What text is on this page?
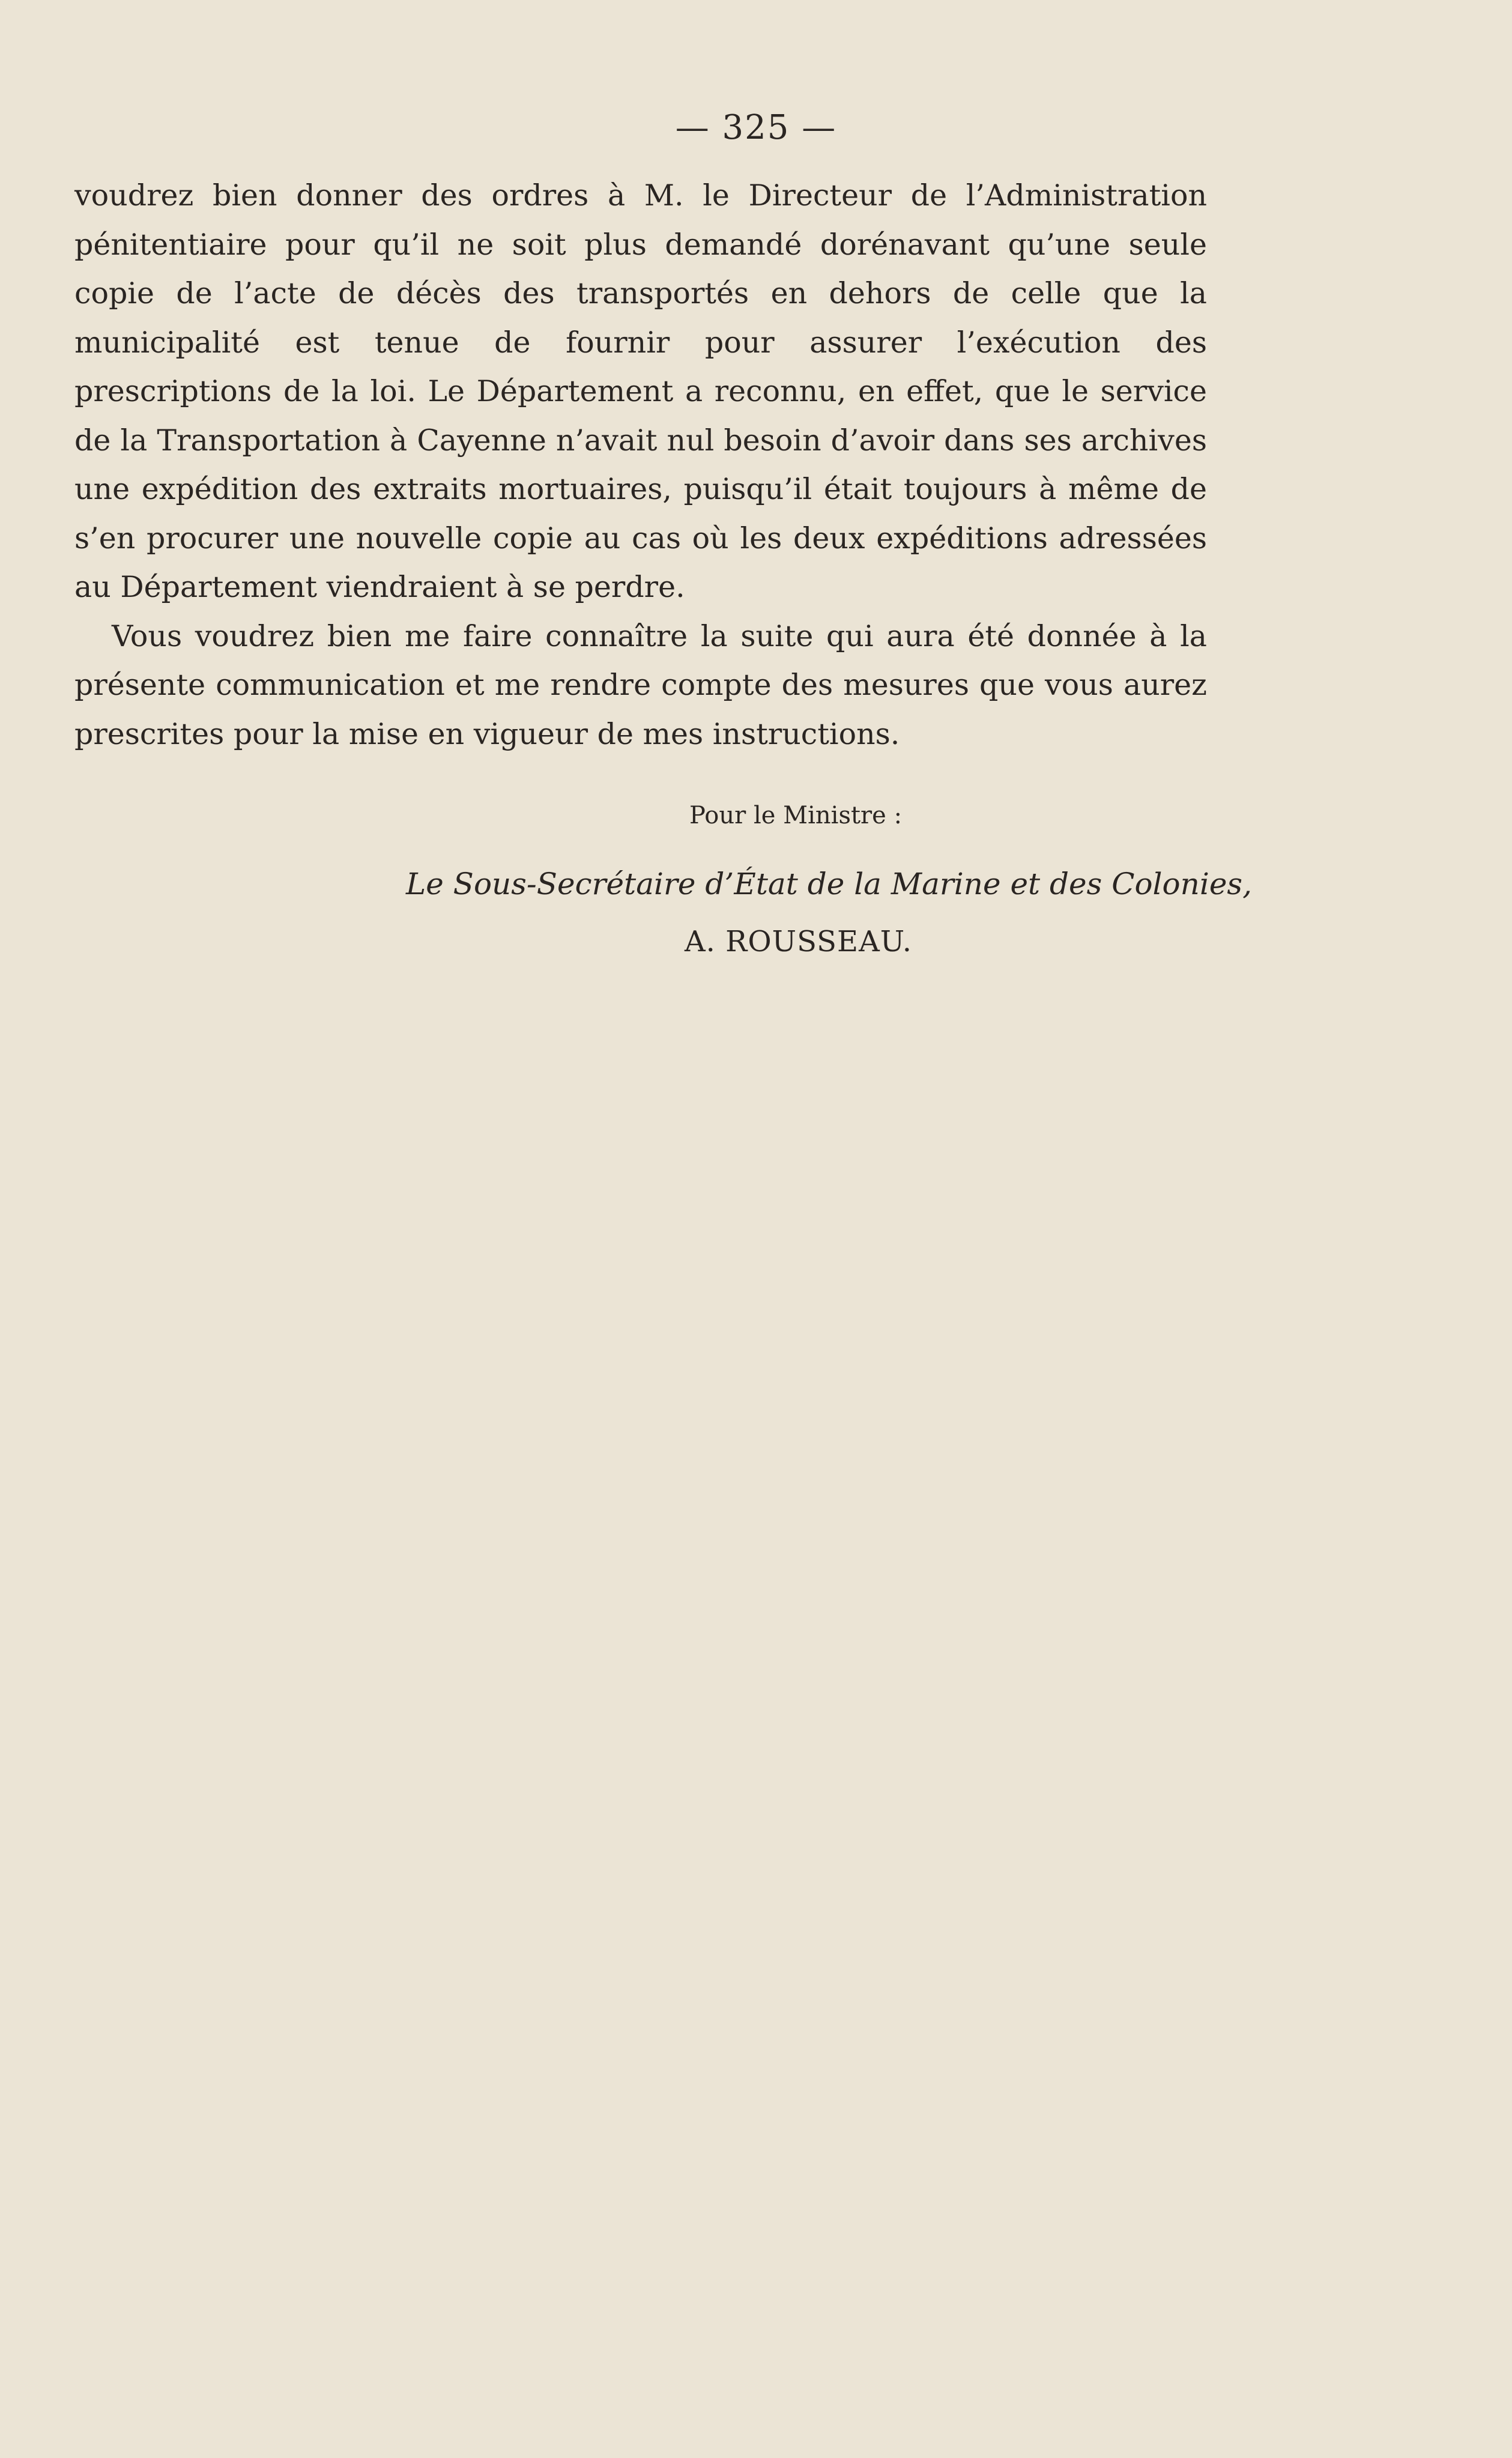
— 325 —

voudrez bien donner des ordres à M. le Directeur de l’Administration pénitentiaire pour qu’il ne soit plus demandé dorénavant qu’une seule copie de l’acte de décès des transportés en dehors de celle que la municipalité est tenue de fournir pour assurer l’exécution des prescriptions de la loi. Le Département a reconnu, en effet, que le service de la Transportation à Cayenne n’avait nul besoin d’avoir dans ses archives une expédition des extraits mortuaires, puisqu’il était toujours à même de s’en procurer une nouvelle copie au cas où les deux expéditions adressées au Département viendraient à se perdre.

Vous voudrez bien me faire connaître la suite qui aura été donnée à la présente communication et me rendre compte des mesures que vous aurez prescrites pour la mise en vigueur de mes instructions.

Pour le Ministre :
Le Sous-Secrétaire d’État de la Marine et des Colonies,
A. ROUSSEAU.
